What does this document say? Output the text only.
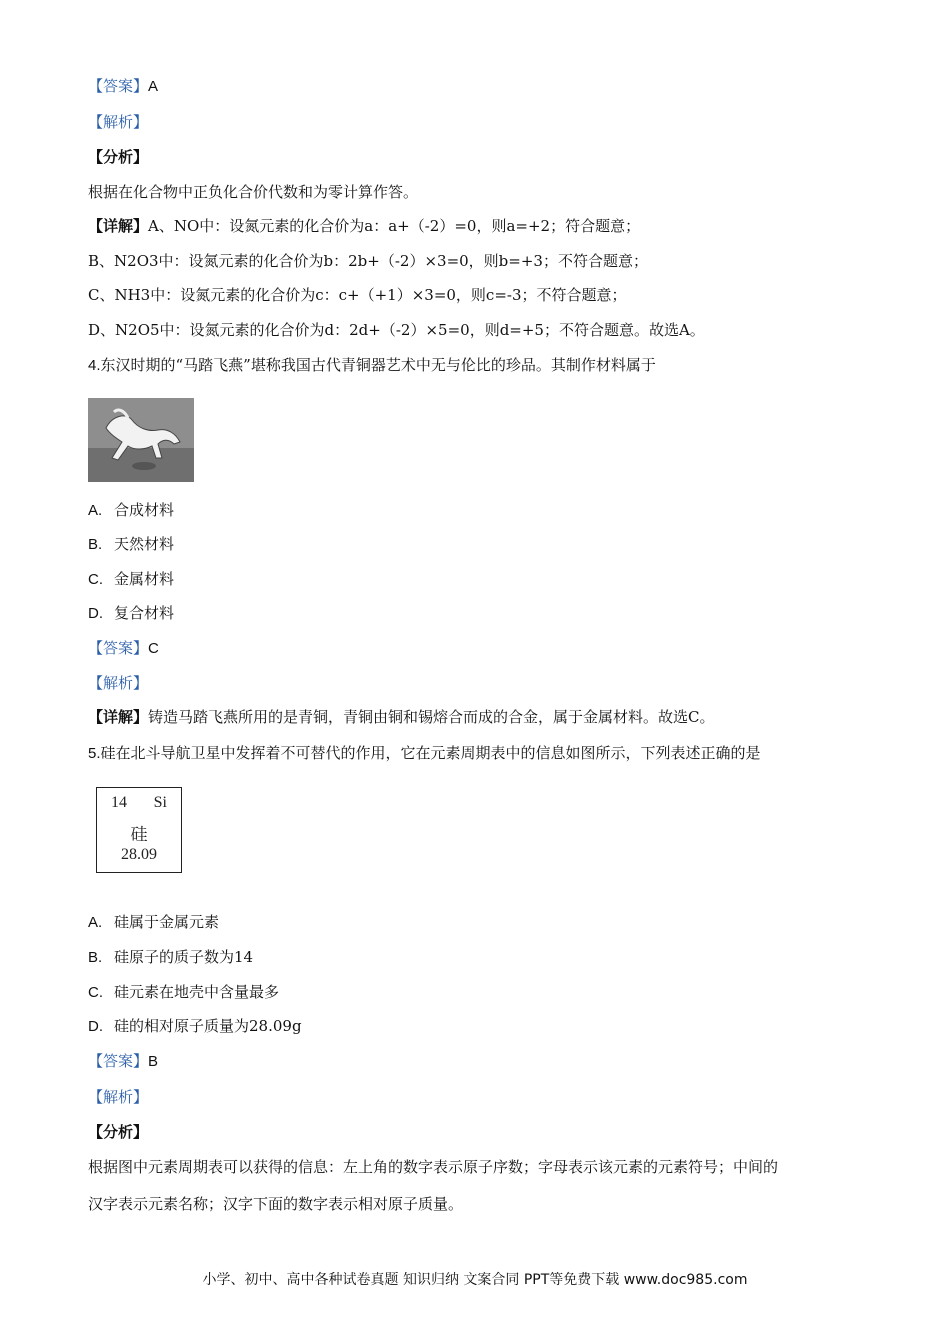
【答案】A
【解析】
【分析】
根据在化合物中正负化合价代数和为零计算作答。
【详解】A、NO中：设氮元素的化合价为a：a+（-2）=0，则a=+2；符合题意；
B、N2O3中：设氮元素的化合价为b：2b+（-2）×3=0，则b=+3；不符合题意；
C、NH3中：设氮元素的化合价为c：c+（+1）×3=0，则c=-3；不符合题意；
D、N2O5中：设氮元素的化合价为d：2d+（-2）×5=0，则d=+5；不符合题意。故选A。
4.东汉时期的“马踏飞燕”堪称我国古代青铜器艺术中无与伦比的珍品。其制作材料属于
A. 合成材料
B. 天然材料
C. 金属材料
D. 复合材料
【答案】C
【解析】
【详解】铸造马踏飞燕所用的是青铜，青铜由铜和锡熔合而成的合金，属于金属材料。故选C。
5.硅在北斗导航卫星中发挥着不可替代的作用，它在元素周期表中的信息如图所示，下列表述正确的是
14 Si
硅
28.09
A. 硅属于金属元素
B. 硅原子的质子数为14
C. 硅元素在地壳中含量最多
D. 硅的相对原子质量为28.09g
【答案】B
【解析】
【分析】
根据图中元素周期表可以获得的信息：左上角的数字表示原子序数；字母表示该元素的元素符号；中间的
汉字表示元素名称；汉字下面的数字表示相对原子质量。
小学、初中、高中各种试卷真题 知识归纳 文案合同 PPT等免费下载 www.doc985.com
